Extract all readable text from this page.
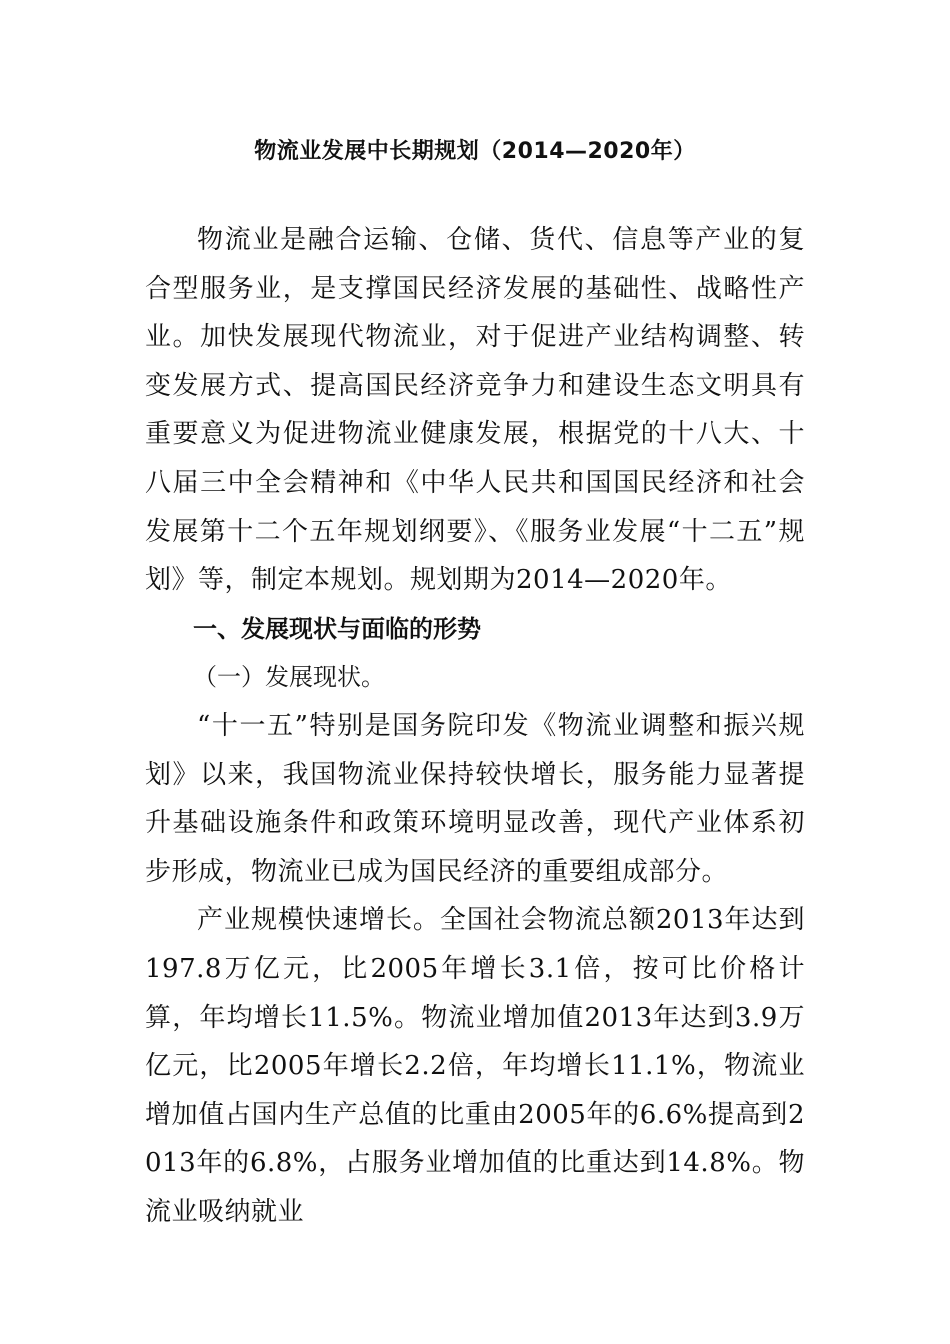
物流业发展中长期规划（2014—2020年）

物流业是融合运输、仓储、货代、信息等产业的复合型服务业，是支撑国民经济发展的基础性、战略性产业。加快发展现代物流业，对于促进产业结构调整、转变发展方式、提高国民经济竞争力和建设生态文明具有重要意义为促进物流业健康发展，根据党的十八大、十八届三中全会精神和《中华人民共和国国民经济和社会发展第十二个五年规划纲要》、《服务业发展“十二五”规划》等，制定本规划。规划期为2014—2020年。

一、发展现状与面临的形势

（一）发展现状。

“十一五”特别是国务院印发《物流业调整和振兴规划》以来，我国物流业保持较快增长，服务能力显著提升基础设施条件和政策环境明显改善，现代产业体系初步形成，物流业已成为国民经济的重要组成部分。

产业规模快速增长。全国社会物流总额2013年达到197.8万亿元，比2005年增长3.1倍，按可比价格计算，年均增长11.5%。物流业增加值2013年达到3.9万亿元，比2005年增长2.2倍，年均增长11.1%，物流业增加值占国内生产总值的比重由2005年的6.6%提高到2013年的6.8%，占服务业增加值的比重达到14.8%。物流业吸纳就业
